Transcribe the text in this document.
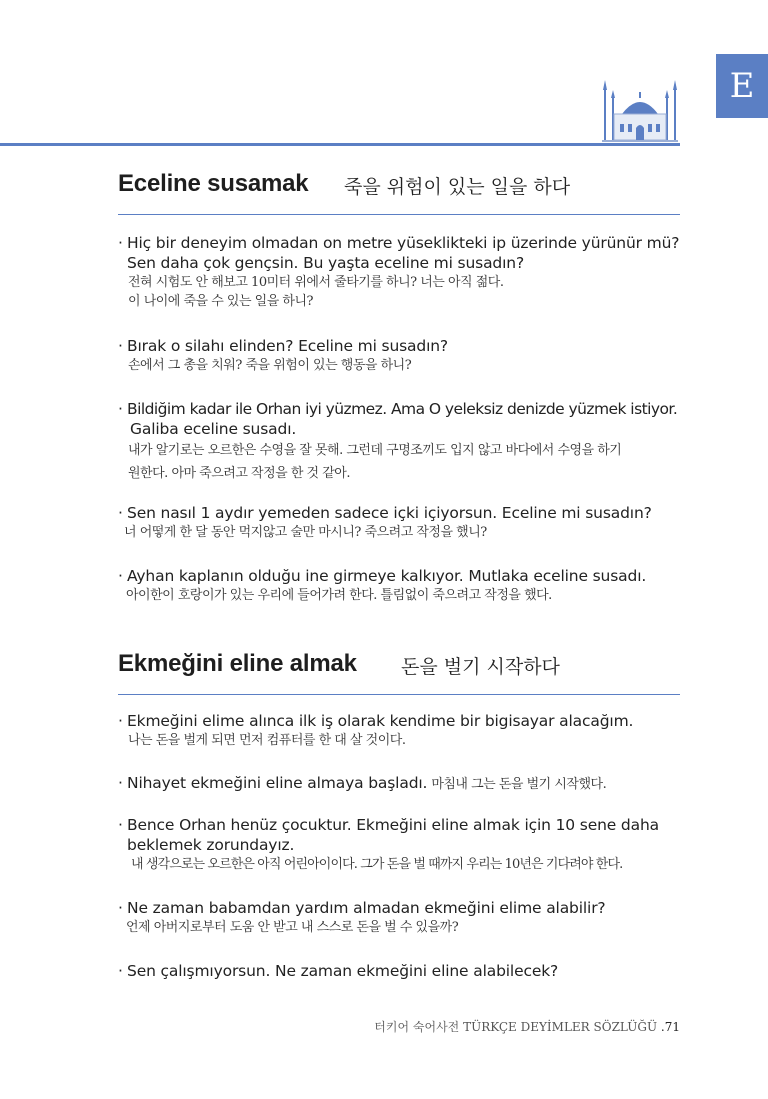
E
Eceline susamak 죽을 위험이 있는 일을 하다

· Hiç bir deneyim olmadan on metre yüseklikteki ip üzerinde yürünür mü?

Sen daha çok gençsin. Bu yaşta eceline mi susadın?

전혀 시험도 안 해보고 10미터 위에서 줄타기를 하니? 너는 아직 젊다.

이 나이에 죽을 수 있는 일을 하니?

· Bırak o silahı elinden? Eceline mi susadın?

손에서 그 총을 치워? 죽을 위험이 있는 행동을 하니?

· Bildiğim kadar ile Orhan iyi yüzmez. Ama O yeleksiz denizde yüzmek istiyor.

Galiba eceline susadı.

내가 알기로는 오르한은 수영을 잘 못해. 그런데 구명조끼도 입지 않고 바다에서 수영을 하기

원한다. 아마 죽으려고 작정을 한 것 같아.

· Sen nasıl 1 aydır yemeden sadece içki içiyorsun. Eceline mi susadın?

너 어떻게 한 달 동안 먹지않고 술만 마시니? 죽으려고 작정을 했니?

· Ayhan kaplanın olduğu ine girmeye kalkıyor. Mutlaka eceline susadı.

아이한이 호랑이가 있는 우리에 들어가려 한다. 틀림없이 죽으려고 작정을 했다.

Ekmeğini eline almak 돈을 벌기 시작하다

· Ekmeğini elime alınca ilk iş olarak kendime bir bigisayar alacağım.

나는 돈을 벌게 되면 먼저 컴퓨터를 한 대 살 것이다.

· Nihayet ekmeğini eline almaya başladı. 마침내 그는 돈을 벌기 시작했다.

· Bence Orhan henüz çocuktur. Ekmeğini eline almak için 10 sene daha

beklemek zorundayız.

내 생각으로는 오르한은 아직 어린아이이다. 그가 돈을 벌 때까지 우리는 10년은 기다려야 한다.

· Ne zaman babamdan yardım almadan ekmeğini elime alabilir?

언제 아버지로부터 도움 안 받고 내 스스로 돈을 벌 수 있을까?

· Sen çalışmıyorsun. Ne zaman ekmeğini eline alabilecek?

터키어 숙어사전 TÜRKÇE DEYİMLER SÖZLÜĞÜ .71
